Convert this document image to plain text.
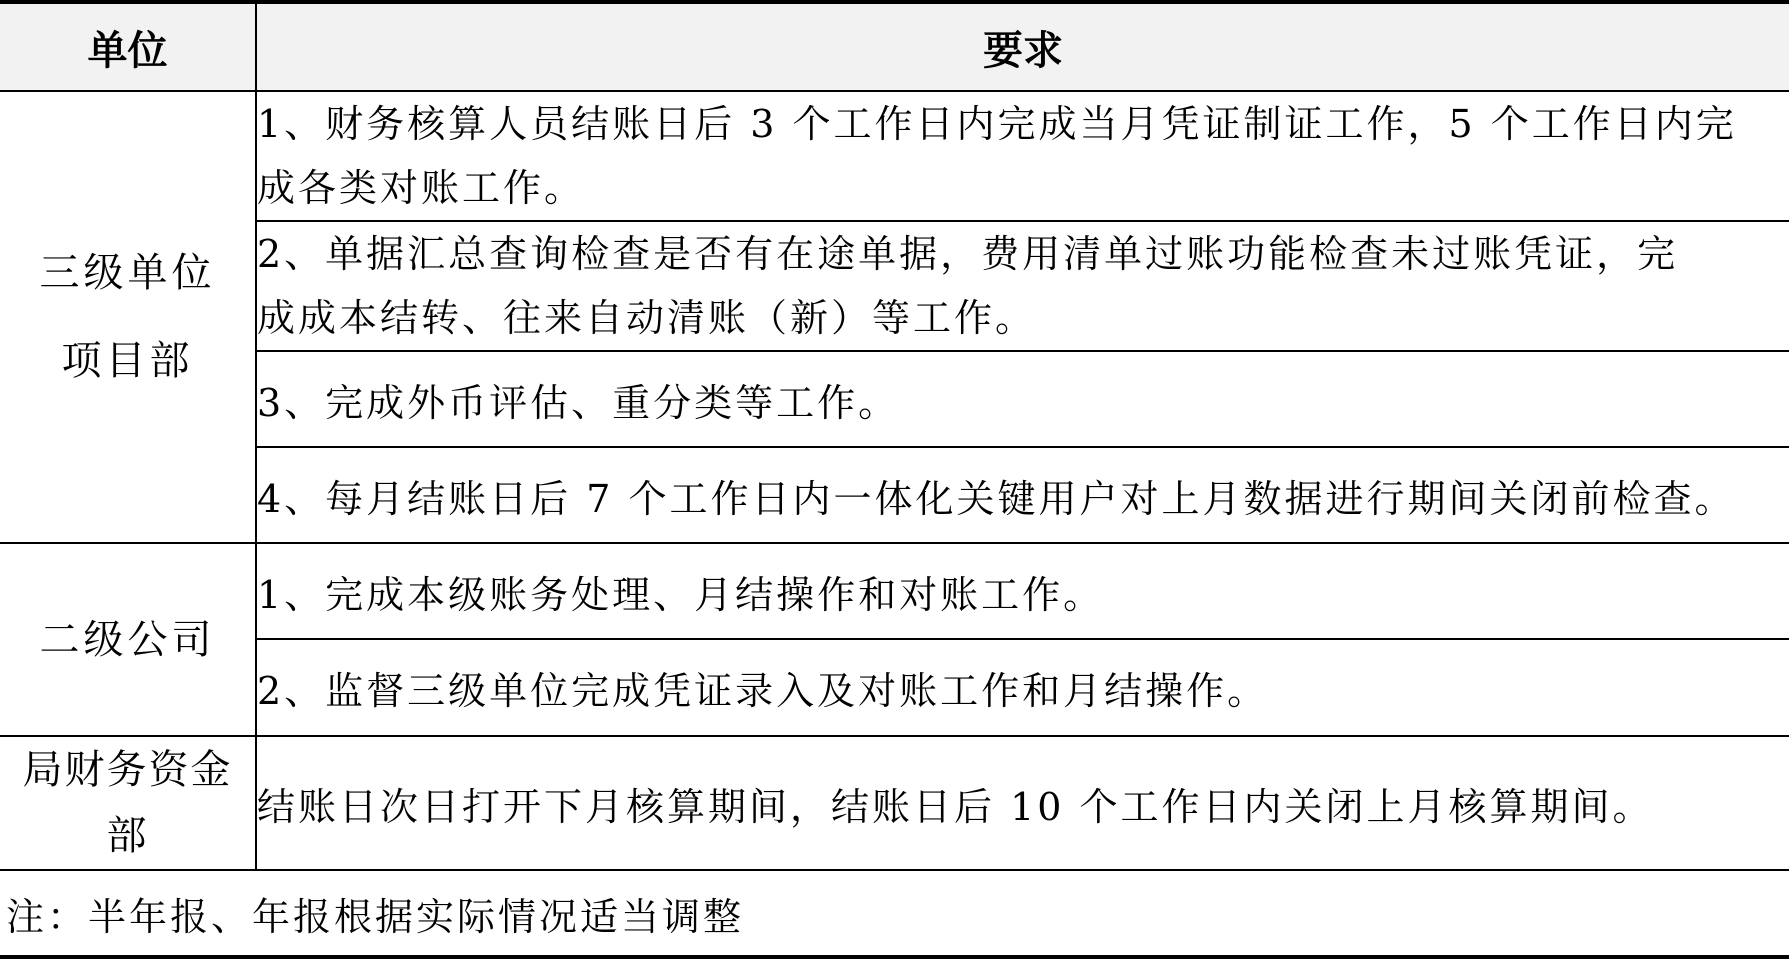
单位	要求

三级单位
项目部	1、财务核算人员结账日后 3 个工作日内完成当月凭证制证工作，5 个工作日内完
成各类对账工作。

	2、单据汇总查询检查是否有在途单据，费用清单过账功能检查未过账凭证，完
成成本结转、往来自动清账（新）等工作。

	3、完成外币评估、重分类等工作。
	4、每月结账日后 7 个工作日内一体化关键用户对上月数据进行期间关闭前检查。

二级公司	1、完成本级账务处理、月结操作和对账工作。
	2、监督三级单位完成凭证录入及对账工作和月结操作。

局财务资金
部	结账日次日打开下月核算期间，结账日后 10 个工作日内关闭上月核算期间。
注：半年报、年报根据实际情况适当调整	
